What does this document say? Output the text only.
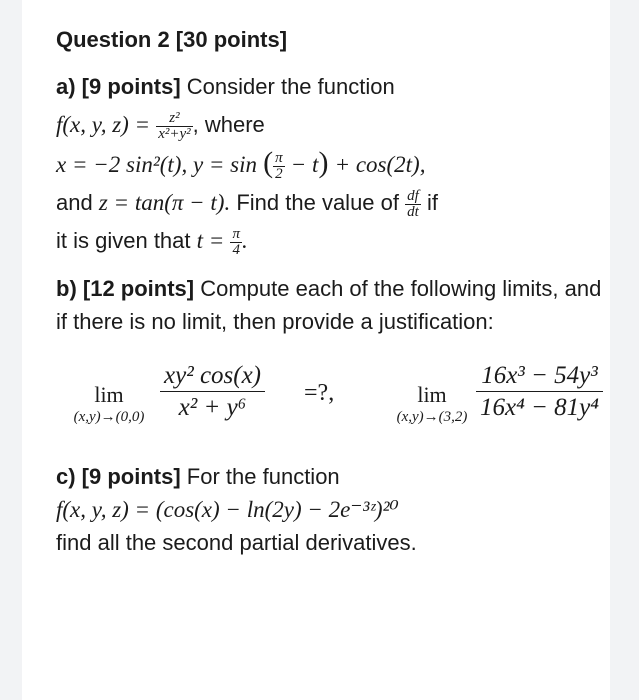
Question 2 [30 points]
a) [9 points] Consider the function
f(x, y, $z) = \frac{\text{z²}}{\text{x²+y²}}$ , where
x = −2 sin²(t), y = sin ( $\frac{\pi}{2} - t) + \cos(2t)$,
and z = tan(π − t). Find the value of $\frac{df}{dt}$ if
it is given that $t = \frac{\pi}{4}$ .
b) [12 points] Compute each of the following limits, and if there is no limit, then provide a justification:
lim
$(x,y)\to(0,0) \frac{\text{xy² cos(x)}}{\text{x² + y⁶}}$ =?,	lim
$(x,y)\to(3,2) \frac{\text{16x³ − 54y³}}{\text{16x⁴ − 81y⁴}}$
c) [9 points] For the function
f(x, y, z) = (cos(x) − ln(2y) − 2e⁻³ᶻ)²⁰
find all the second partial derivatives.
